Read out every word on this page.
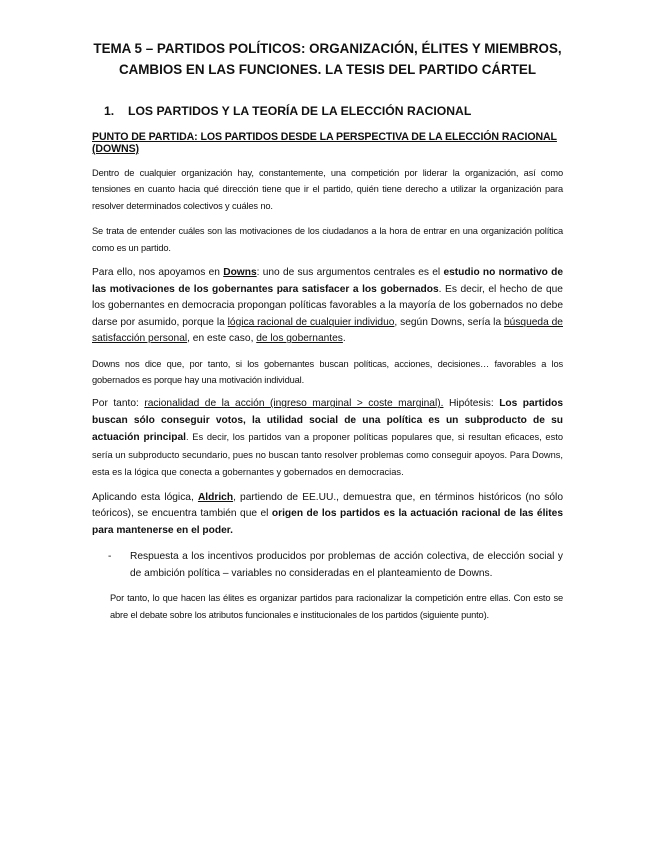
TEMA 5 – PARTIDOS POLÍTICOS: ORGANIZACIÓN, ÉLITES Y MIEMBROS,
CAMBIOS EN LAS FUNCIONES. LA TESIS DEL PARTIDO CÁRTEL
1. LOS PARTIDOS Y LA TEORÍA DE LA ELECCIÓN RACIONAL
PUNTO DE PARTIDA: LOS PARTIDOS DESDE LA PERSPECTIVA DE LA ELECCIÓN RACIONAL (DOWNS)

Dentro de cualquier organización hay, constantemente, una competición por liderar la organización, así como tensiones en cuanto hacia qué dirección tiene que ir el partido, quién tiene derecho a utilizar la organización para resolver determinados colectivos y cuáles no.

Se trata de entender cuáles son las motivaciones de los ciudadanos a la hora de entrar en una organización política como es un partido.

Para ello, nos apoyamos en Downs: uno de sus argumentos centrales es el estudio no normativo de las motivaciones de los gobernantes para satisfacer a los gobernados. Es decir, el hecho de que los gobernantes en democracia propongan políticas favorables a la mayoría de los gobernados no debe darse por asumido, porque la lógica racional de cualquier individuo, según Downs, sería la búsqueda de satisfacción personal, en este caso, de los gobernantes.

Downs nos dice que, por tanto, si los gobernantes buscan políticas, acciones, decisiones… favorables a los gobernados es porque hay una motivación individual.

Por tanto: racionalidad de la acción (ingreso marginal > coste marginal). Hipótesis: Los partidos buscan sólo conseguir votos, la utilidad social de una política es un subproducto de su actuación principal. Es decir, los partidos van a proponer políticas populares que, si resultan eficaces, esto sería un subproducto secundario, pues no buscan tanto resolver problemas como conseguir apoyos. Para Downs, esta es la lógica que conecta a gobernantes y gobernados en democracias.

Aplicando esta lógica, Aldrich, partiendo de EE.UU., demuestra que, en términos históricos (no sólo teóricos), se encuentra también que el origen de los partidos es la actuación racional de las élites para mantenerse en el poder.

- Respuesta a los incentivos producidos por problemas de acción colectiva, de elección social y de ambición política – variables no consideradas en el planteamiento de Downs.

Por tanto, lo que hacen las élites es organizar partidos para racionalizar la competición entre ellas. Con esto se abre el debate sobre los atributos funcionales e institucionales de los partidos (siguiente punto).
